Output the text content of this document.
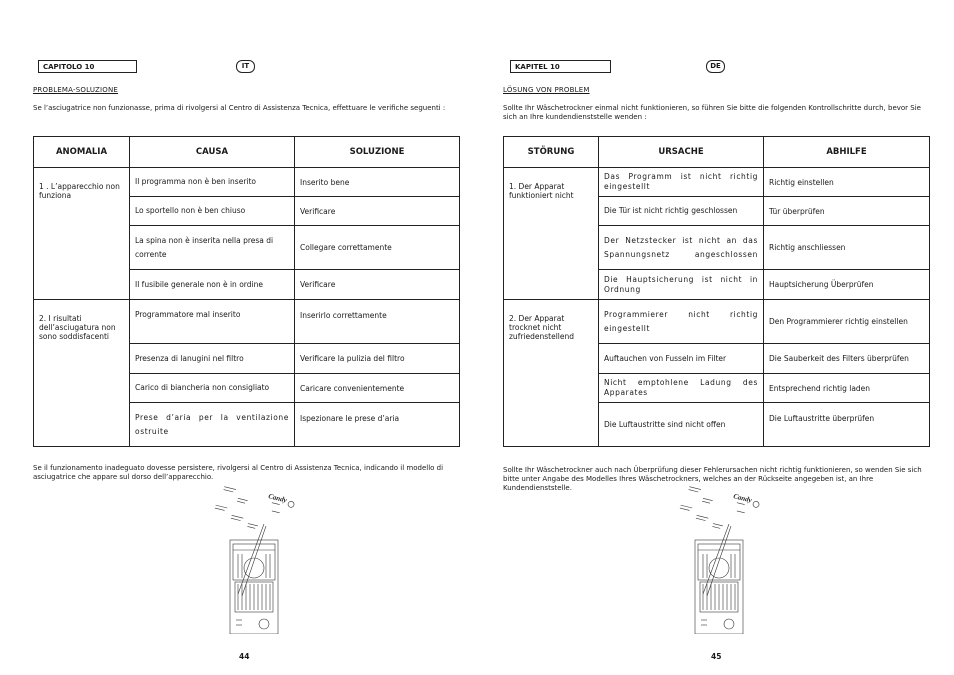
CAPITOLO 10	IT
PROBLEMA-SOLUZIONE
Se l’asciugatrice non funzionasse, prima di rivolgersi al Centro di Assistenza Tecnica, effettuare le verifiche seguenti :
ANOMALIA	CAUSA	SOLUZIONE
1 . L’apparecchio non funziona	Il programma non è ben inserito	Inserito bene
	Lo sportello non è ben chiuso	Verificare
	La spina non è inserita nella presa di corrente	Collegare correttamente
	Il fusibile generale non è in ordine	Verificare
2. I risultati dell’asciugatura non sono soddisfacenti	Programmatore mal inserito	Inserirlo correttamente
	Presenza di lanugini nel filtro	Verificare la pulizia del filtro
	Carico di biancheria non consigliato	Caricare convenientemente
	Prese d’aria per la ventilazione ostruite	Ispezionare le prese d’aria
Se il funzionamento inadeguato dovesse persistere, rivolgersi al Centro di Assistenza Tecnica, indicando il modello di asciugatrice che appare sul dorso dell’apparecchio.
Candy
44
KAPITEL 10	DE
LÖSUNG VON PROBLEM
Sollte Ihr Wäschetrockner einmal nicht funktionieren, so führen Sie bitte die folgenden Kontrollschritte durch, bevor Sie sich an Ihre kundendienststelle wenden :
STÖRUNG	URSACHE	ABHILFE
1. Der Apparat funktioniert nicht	Das Programm ist nicht richtig eingestellt	Richtig einstellen
	Die Tür ist nicht richtig geschlossen	Tür überprüfen
	Der Netzstecker ist nicht an das Spannungsnetz angeschlossen	Richtig anschliessen
	Die Hauptsicherung ist nicht in Ordnung	Hauptsicherung Überprüfen
2. Der Apparat trocknet nicht zufriedenstellend	Programmierer nicht richtig eingestellt	Den Programmierer richtig einstellen
	Auftauchen von Fusseln im Filter	Die Sauberkeit des Filters überprüfen
	Nicht emptohlene Ladung des Apparates	Entsprechend richtig laden
	Die Luftaustritte sind nicht offen	Die Luftaustritte überprüfen
Sollte Ihr Wäschetrockner auch nach Überprüfung dieser Fehlerursachen nicht richtig funktionieren, so wenden Sie sich bitte unter Angabe des Modelles Ihres Wäschetrockners, welches an der Rückseite angegeben ist, an Ihre Kundendienststelle.
Candy
45
